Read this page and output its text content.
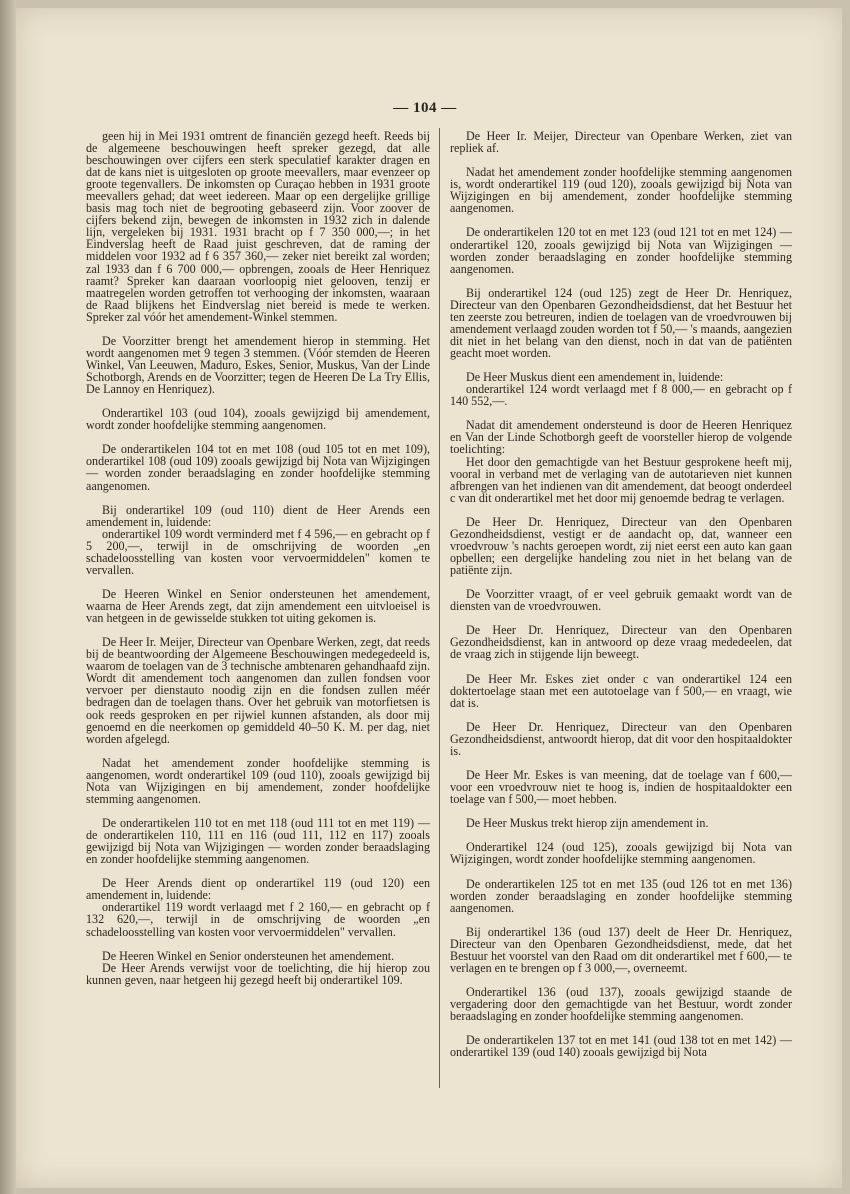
— 104 —

geen hij in Mei 1931 omtrent de financiën gezegd heeft. Reeds bij de algemeene beschouwingen heeft spreker gezegd, dat alle beschouwingen over cijfers een sterk speculatief karakter dragen en dat de kans niet is uitgesloten op groote meevallers, maar evenzeer op groote tegenvallers. De inkomsten op Curaçao hebben in 1931 groote meevallers gehad; dat weet iedereen. Maar op een dergelijke grillige basis mag toch niet de begrooting gebaseerd zijn. Voor zoover de cijfers bekend zijn, bewegen de inkomsten in 1932 zich in dalende lijn, vergeleken bij 1931. 1931 bracht op f 7 350 000,—; in het Eindverslag heeft de Raad juist geschreven, dat de raming der middelen voor 1932 ad f 6 357 360,— zeker niet bereikt zal worden; zal 1933 dan f 6 700 000,— opbrengen, zooals de Heer Henriquez raamt? Spreker kan daaraan voorloopig niet gelooven, tenzij er maatregelen worden getroffen tot verhooging der inkomsten, waaraan de Raad blijkens het Eindverslag niet bereid is mede te werken. Spreker zal vóór het amendement-Winkel stemmen.

De Voorzitter brengt het amendement hierop in stemming. Het wordt aangenomen met 9 tegen 3 stemmen. (Vóór stemden de Heeren Winkel, Van Leeuwen, Maduro, Eskes, Senior, Muskus, Van der Linde Schotborgh, Arends en de Voorzitter; tegen de Heeren De La Try Ellis, De Lannoy en Henriquez).

Onderartikel 103 (oud 104), zooals gewijzigd bij amendement, wordt zonder hoofdelijke stemming aangenomen.

De onderartikelen 104 tot en met 108 (oud 105 tot en met 109), onderartikel 108 (oud 109) zooals gewijzigd bij Nota van Wijzigingen — worden zonder beraadslaging en zonder hoofdelijke stemming aangenomen.

Bij onderartikel 109 (oud 110) dient de Heer Arends een amendement in, luidende:

onderartikel 109 wordt verminderd met f 4 596,— en gebracht op f 5 200,—, terwijl in de omschrijving de woorden „en schadeloosstelling van kosten voor vervoermiddelen" komen te vervallen.

De Heeren Winkel en Senior ondersteunen het amendement, waarna de Heer Arends zegt, dat zijn amendement een uitvloeisel is van hetgeen in de gewisselde stukken tot uiting gekomen is.

De Heer Ir. Meijer, Directeur van Openbare Werken, zegt, dat reeds bij de beantwoording der Algemeene Beschouwingen medegedeeld is, waarom de toelagen van de 3 technische ambtenaren gehandhaafd zijn. Wordt dit amendement toch aangenomen dan zullen fondsen voor vervoer per dienstauto noodig zijn en die fondsen zullen méér bedragen dan de toelagen thans. Over het gebruik van motorfietsen is ook reeds gesproken en per rijwiel kunnen afstanden, als door mij genoemd en die neerkomen op gemiddeld 40–50 K. M. per dag, niet worden afgelegd.

Nadat het amendement zonder hoofdelijke stemming is aangenomen, wordt onderartikel 109 (oud 110), zooals gewijzigd bij Nota van Wijzigingen en bij amendement, zonder hoofdelijke stemming aangenomen.

De onderartikelen 110 tot en met 118 (oud 111 tot en met 119) — de onderartikelen 110, 111 en 116 (oud 111, 112 en 117) zooals gewijzigd bij Nota van Wijzigingen — worden zonder beraadslaging en zonder hoofdelijke stemming aangenomen.

De Heer Arends dient op onderartikel 119 (oud 120) een amendement in, luidende:

onderartikel 119 wordt verlaagd met f 2 160,— en gebracht op f 132 620,—, terwijl in de omschrijving de woorden „en schadeloosstelling van kosten voor vervoermiddelen" vervallen.

De Heeren Winkel en Senior ondersteunen het amendement.

De Heer Arends verwijst voor de toelichting, die hij hierop zou kunnen geven, naar hetgeen hij gezegd heeft bij onderartikel 109.

De Heer Ir. Meijer, Directeur van Openbare Werken, ziet van repliek af.

Nadat het amendement zonder hoofdelijke stemming aangenomen is, wordt onderartikel 119 (oud 120), zooals gewijzigd bij Nota van Wijzigingen en bij amendement, zonder hoofdelijke stemming aangenomen.

De onderartikelen 120 tot en met 123 (oud 121 tot en met 124) — onderartikel 120, zooals gewijzigd bij Nota van Wijzigingen — worden zonder beraadslaging en zonder hoofdelijke stemming aangenomen.

Bij onderartikel 124 (oud 125) zegt de Heer Dr. Henriquez, Directeur van den Openbaren Gezondheidsdienst, dat het Bestuur het ten zeerste zou betreuren, indien de toelagen van de vroedvrouwen bij amendement verlaagd zouden worden tot f 50,— 's maands, aangezien dit niet in het belang van den dienst, noch in dat van de patiënten geacht moet worden.

De Heer Muskus dient een amendement in, luidende:

onderartikel 124 wordt verlaagd met f 8 000,— en gebracht op f 140 552,—.

Nadat dit amendement ondersteund is door de Heeren Henriquez en Van der Linde Schotborgh geeft de voorsteller hierop de volgende toelichting:

Het door den gemachtigde van het Bestuur gesprokene heeft mij, vooral in verband met de verlaging van de autotarieven niet kunnen afbrengen van het indienen van dit amendement, dat beoogt onderdeel c van dit onderartikel met het door mij genoemde bedrag te verlagen.

De Heer Dr. Henriquez, Directeur van den Openbaren Gezondheidsdienst, vestigt er de aandacht op, dat, wanneer een vroedvrouw 's nachts geroepen wordt, zij niet eerst een auto kan gaan opbellen; een dergelijke handeling zou niet in het belang van de patiënte zijn.

De Voorzitter vraagt, of er veel gebruik gemaakt wordt van de diensten van de vroedvrouwen.

De Heer Dr. Henriquez, Directeur van den Openbaren Gezondheidsdienst, kan in antwoord op deze vraag mededeelen, dat de vraag zich in stijgende lijn beweegt.

De Heer Mr. Eskes ziet onder c van onderartikel 124 een doktertoelage staan met een autotoelage van f 500,— en vraagt, wie dat is.

De Heer Dr. Henriquez, Directeur van den Openbaren Gezondheidsdienst, antwoordt hierop, dat dit voor den hospitaaldokter is.

De Heer Mr. Eskes is van meening, dat de toelage van f 600,— voor een vroedvrouw niet te hoog is, indien de hospitaaldokter een toelage van f 500,— moet hebben.

De Heer Muskus trekt hierop zijn amendement in.

Onderartikel 124 (oud 125), zooals gewijzigd bij Nota van Wijzigingen, wordt zonder hoofdelijke stemming aangenomen.

De onderartikelen 125 tot en met 135 (oud 126 tot en met 136) worden zonder beraadslaging en zonder hoofdelijke stemming aangenomen.

Bij onderartikel 136 (oud 137) deelt de Heer Dr. Henriquez, Directeur van den Openbaren Gezondheidsdienst, mede, dat het Bestuur het voorstel van den Raad om dit onderartikel met f 600,— te verlagen en te brengen op f 3 000,—, overneemt.

Onderartikel 136 (oud 137), zooals gewijzigd staande de vergadering door den gemachtigde van het Bestuur, wordt zonder beraadslaging en zonder hoofdelijke stemming aangenomen.

De onderartikelen 137 tot en met 141 (oud 138 tot en met 142) — onderartikel 139 (oud 140) zooals gewijzigd bij Nota
